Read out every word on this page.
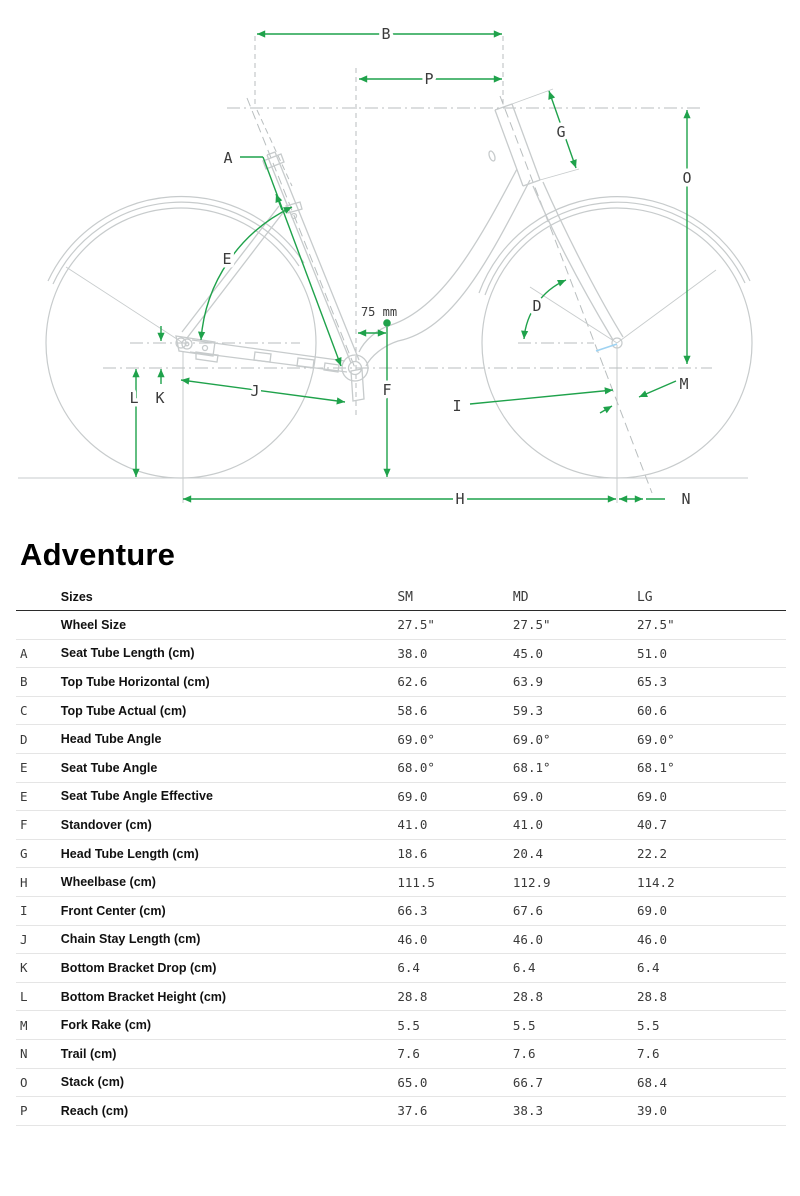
A
B
P
G
O
E
D
M
I
J
K
L	F
H	N
75 mm
Adventure
	Sizes	SM	MD	LG
	Wheel Size	27.5"	27.5"	27.5"
A	Seat Tube Length (cm)	38.0	45.0	51.0
B	Top Tube Horizontal (cm)	62.6	63.9	65.3
C	Top Tube Actual (cm)	58.6	59.3	60.6
D	Head Tube Angle	69.0°	69.0°	69.0°
E	Seat Tube Angle	68.0°	68.1°	68.1°
E	Seat Tube Angle Effective	69.0	69.0	69.0
F	Standover (cm)	41.0	41.0	40.7
G	Head Tube Length (cm)	18.6	20.4	22.2
H	Wheelbase (cm)	111.5	112.9	114.2
I	Front Center (cm)	66.3	67.6	69.0
J	Chain Stay Length (cm)	46.0	46.0	46.0
K	Bottom Bracket Drop (cm)	6.4	6.4	6.4
L	Bottom Bracket Height (cm)	28.8	28.8	28.8
M	Fork Rake (cm)	5.5	5.5	5.5
N	Trail (cm)	7.6	7.6	7.6
O	Stack (cm)	65.0	66.7	68.4
P	Reach (cm)	37.6	38.3	39.0
